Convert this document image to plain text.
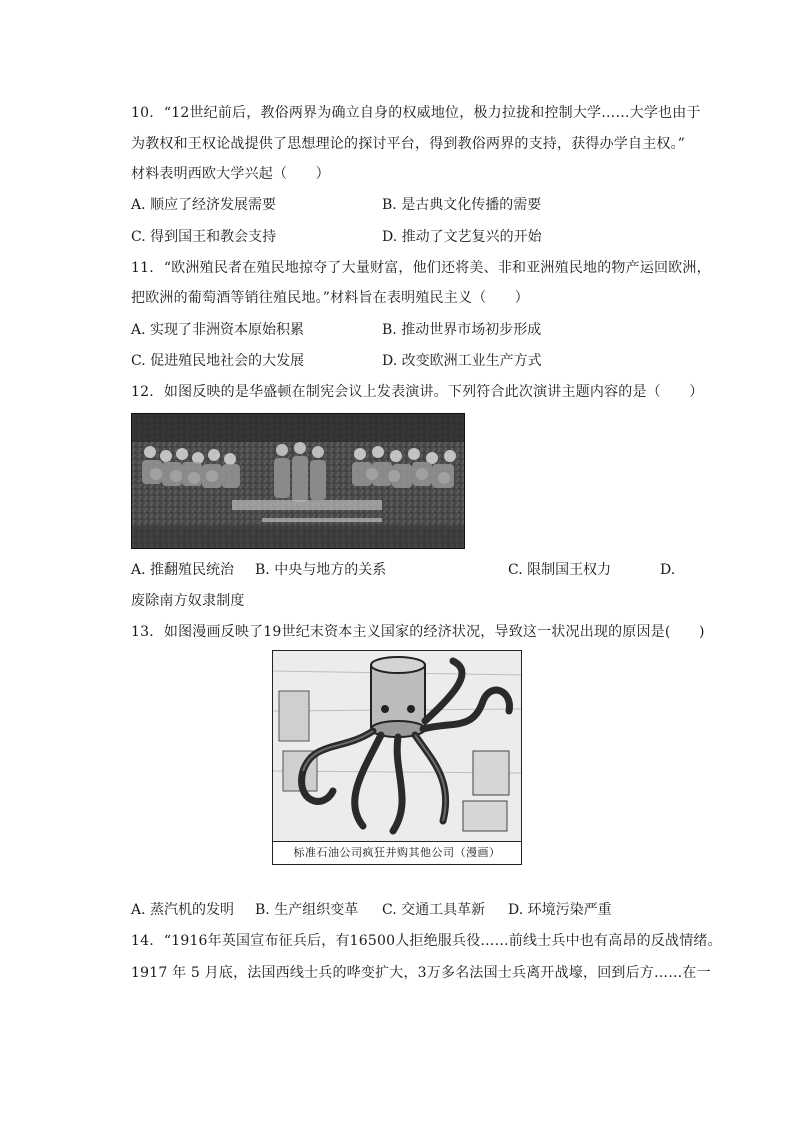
10. “12世纪前后，教俗两界为确立自身的权威地位，极力拉拢和控制大学……大学也由于
为教权和王权论战提供了思想理论的探讨平台，得到教俗两界的支持，获得办学自主权。”
材料表明西欧大学兴起（　　）
A. 顺应了经济发展需要	B. 是古典文化传播的需要
C. 得到国王和教会支持	D. 推动了文艺复兴的开始
11. “欧洲殖民者在殖民地掠夺了大量财富，他们还将美、非和亚洲殖民地的物产运回欧洲，
把欧洲的葡萄酒等销往殖民地。”材料旨在表明殖民主义（　　）
A. 实现了非洲资本原始积累	B. 推动世界市场初步形成
C. 促进殖民地社会的大发展	D. 改变欧洲工业生产方式
12. 如图反映的是华盛顿在制宪会议上发表演讲。下列符合此次演讲主题内容的是（　　）
A. 推翻殖民统治 B. 中央与地方的关系	C. 限制国王权力	D.
废除南方奴隶制度
13. 如图漫画反映了19世纪末资本主义国家的经济状况，导致这一状况出现的原因是(　　)
标准石油公司疯狂并购其他公司（漫画）
A. 蒸汽机的发明 B. 生产组织变革 C. 交通工具革新 D. 环境污染严重
14. “1916年英国宣布征兵后，有16500人拒绝服兵役……前线士兵中也有高昂的反战情绪。
1917 年 5 月底，法国西线士兵的哗变扩大，3万多名法国士兵离开战壕，回到后方……在一
